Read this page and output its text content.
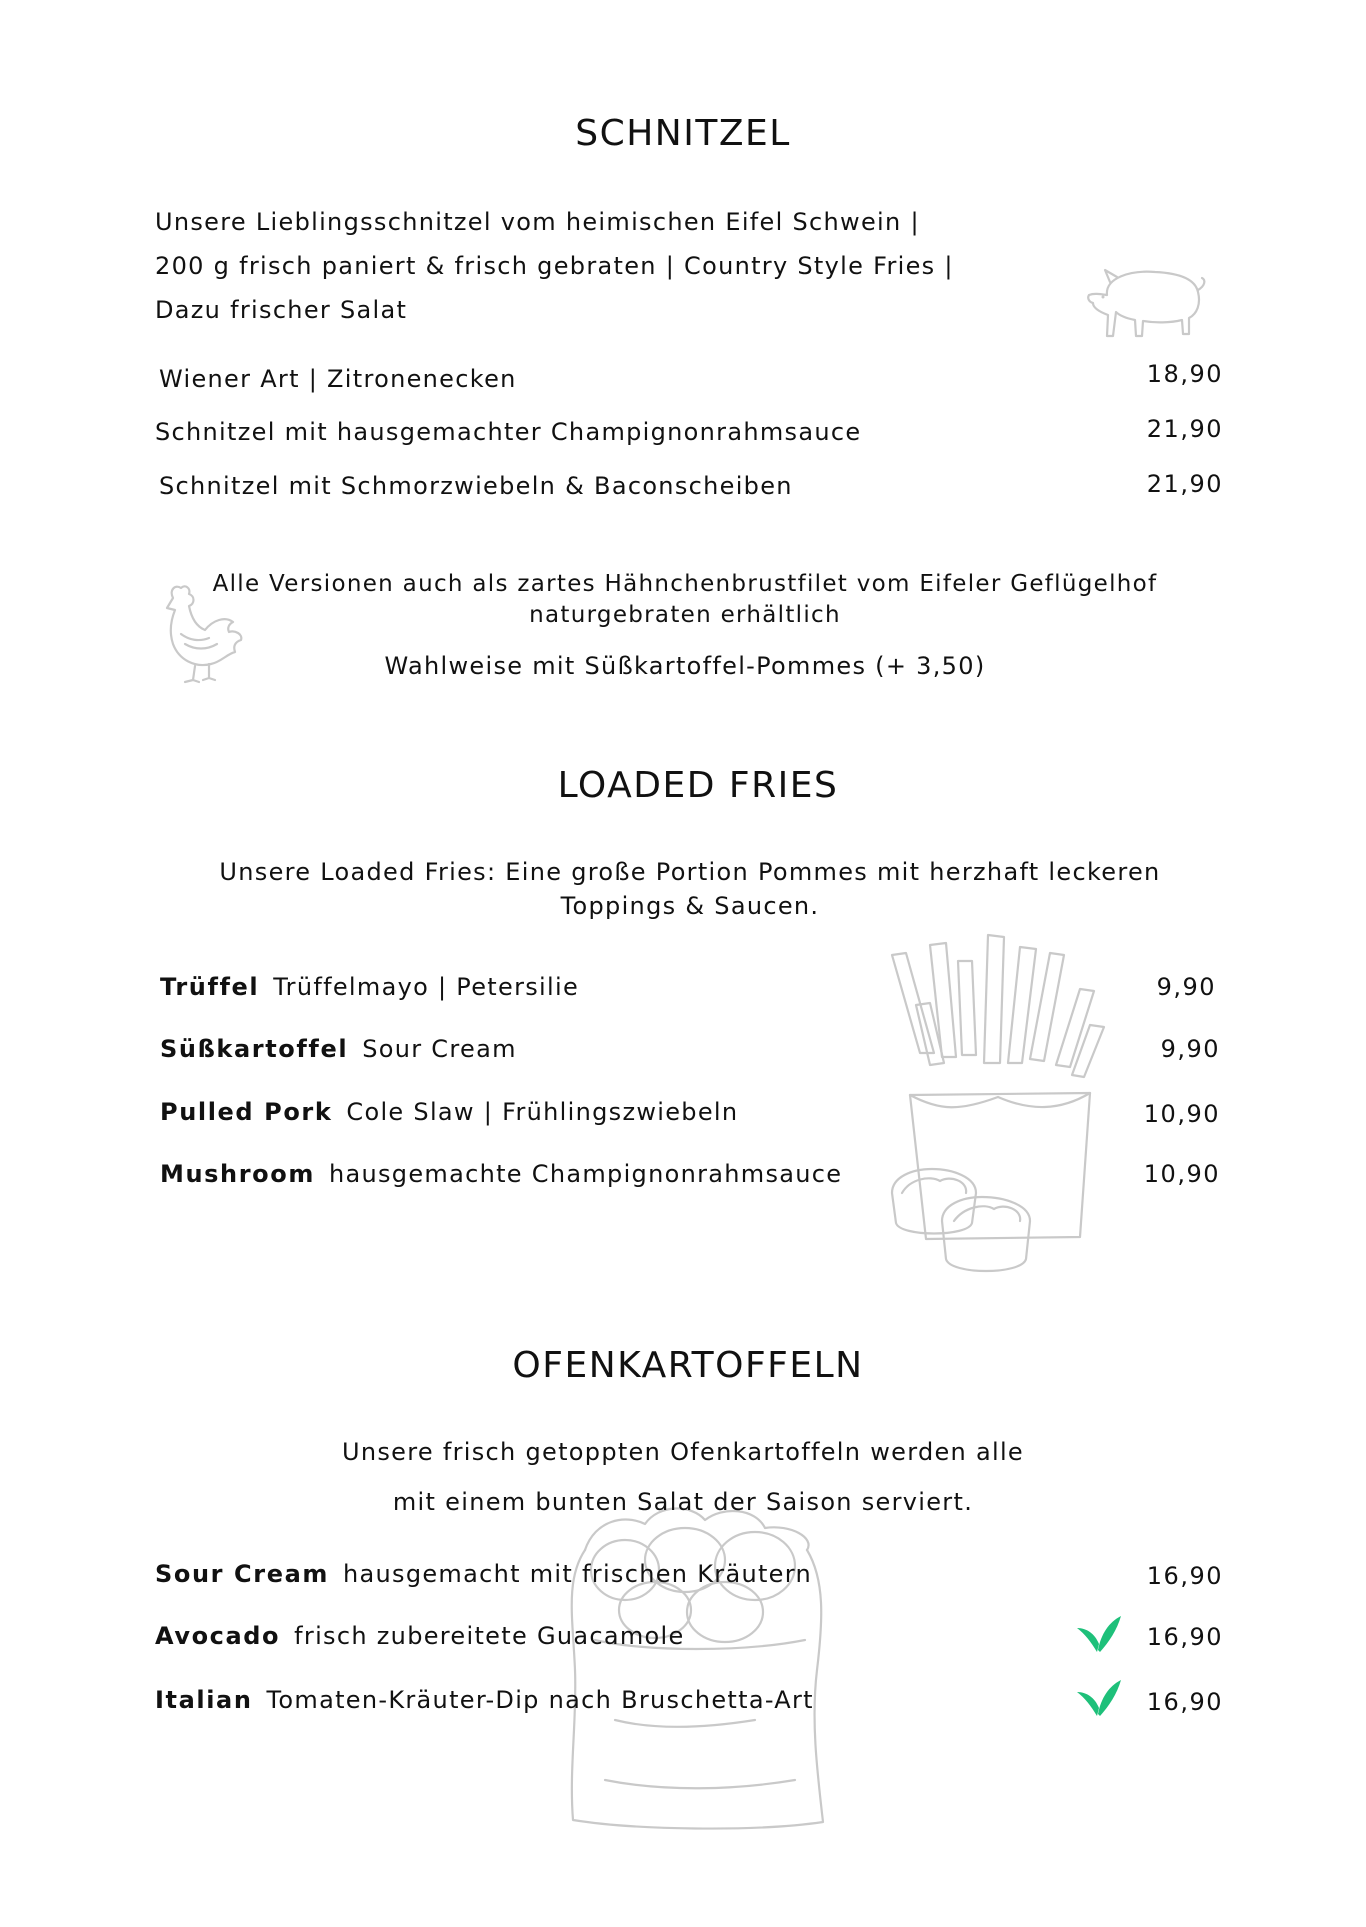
SCHNITZEL
Unsere Lieblingsschnitzel vom heimischen Eifel Schwein |
200 g frisch paniert & frisch gebraten | Country Style Fries |
Dazu frischer Salat
Wiener Art | Zitronenecken	18,90
Schnitzel mit hausgemachter Champignonrahmsauce	21,90
Schnitzel mit Schmorzwiebeln & Baconscheiben	21,90
Alle Versionen auch als zartes Hähnchenbrustfilet vom Eifeler Geflügelhof
naturgebraten erhältlich
Wahlweise mit Süßkartoffel-Pommes (+ 3,50)
LOADED FRIES
Unsere Loaded Fries: Eine große Portion Pommes mit herzhaft leckeren
Toppings & Saucen.
Trüffel Trüffelmayo | Petersilie	9,90
Süßkartoffel Sour Cream	9,90
Pulled Pork Cole Slaw | Frühlingszwiebeln	10,90
Mushroom hausgemachte Champignonrahmsauce	10,90
OFENKARTOFFELN
Unsere frisch getoppten Ofenkartoffeln werden alle
mit einem bunten Salat der Saison serviert.
Sour Cream hausgemacht mit frischen Kräutern	16,90
Avocado frisch zubereitete Guacamole	16,90
Italian Tomaten-Kräuter-Dip nach Bruschetta-Art	16,90
